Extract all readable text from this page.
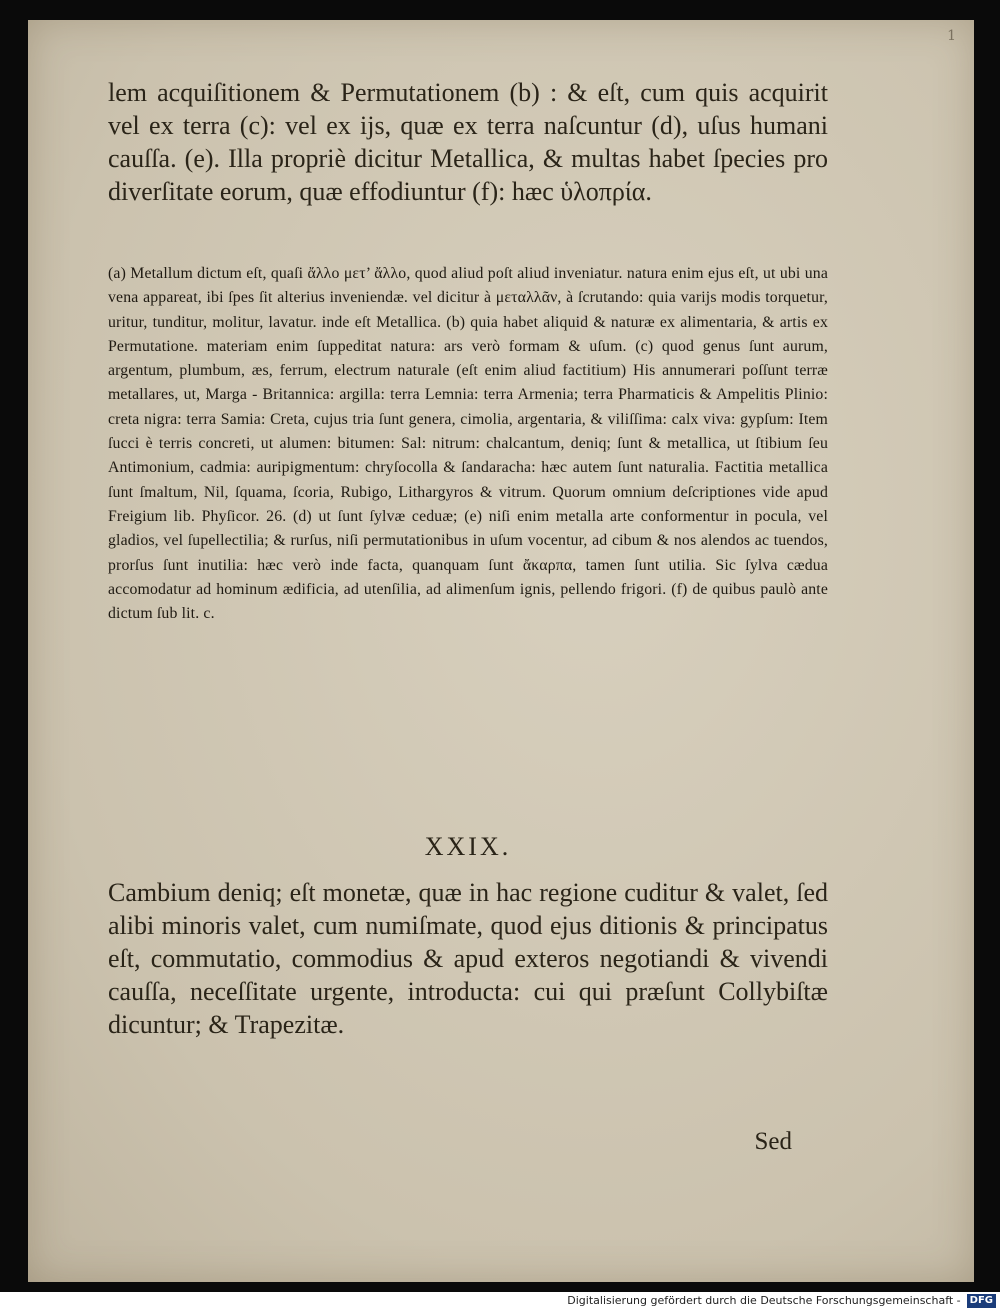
1

lem acquiſitionem & Permutationem (b) : & eſt, cum quis acquirit vel ex terra (c): vel ex ijs, quæ ex terra naſcuntur (d), uſus humani cauſſa. (e). Illa propriè dicitur Metallica, & multas habet ſpecies pro diverſitate eorum, quæ effodiuntur (f): hæc ὑλοπρία.

(a) Metallum dictum eſt, quaſi ἄλλο μετ’ ἄλλο, quod aliud poſt aliud inveniatur. natura enim ejus eſt, ut ubi una vena appareat, ibi ſpes ſit alterius inveniendæ. vel dicitur à μεταλλᾶν, à ſcrutando: quia varijs modis torquetur, uritur, tunditur, molitur, lavatur. inde eſt Metallica. (b) quia habet aliquid & naturæ ex alimentaria, & artis ex Permutatione. materiam enim ſuppeditat natura: ars verò formam & uſum. (c) quod genus ſunt aurum, argentum, plumbum, æs, ferrum, electrum naturale (eſt enim aliud factitium) His annumerari poſſunt terræ metallares, ut, Marga - Britannica: argilla: terra Lemnia: terra Armenia; terra Pharmaticis & Ampelitis Plinio: creta nigra: terra Samia: Creta, cujus tria ſunt genera, cimolia, argentaria, & viliſſima: calx viva: gypſum: Item ſucci è terris concreti, ut alumen: bitumen: Sal: nitrum: chalcantum, deniq; ſunt & metallica, ut ſtibium ſeu Antimonium, cadmia: auripigmentum: chryſocolla & ſandaracha: hæc autem ſunt naturalia. Factitia metallica ſunt ſmaltum, Nil, ſquama, ſcoria, Rubigo, Lithargyros & vitrum. Quorum omnium deſcriptiones vide apud Freigium lib. Phyſicor. 26. (d) ut ſunt ſylvæ ceduæ; (e) niſi enim metalla arte conformentur in pocula, vel gladios, vel ſupellectilia; & rurſus, niſi permutationibus in uſum vocentur, ad cibum & nos alendos ac tuendos, prorſus ſunt inutilia: hæc verò inde facta, quanquam ſunt ἄκαρπα, tamen ſunt utilia. Sic ſylva cædua accomodatur ad hominum ædificia, ad utenſilia, ad alimenſum ignis, pellendo frigori. (f) de quibus paulò ante dictum ſub lit. c.

XXIX.

Cambium deniq; eſt monetæ, quæ in hac regione cuditur & valet, ſed alibi minoris valet, cum numiſmate, quod ejus ditionis & principatus eſt, commutatio, commodius & apud exteros negotiandi & vivendi cauſſa, neceſſitate urgente, introducta: cui qui præſunt Collybiſtæ dicuntur; & Trapezitæ.

Sed
Digitalisierung gefördert durch die Deutsche Forschungsgemeinschaft - DFG
